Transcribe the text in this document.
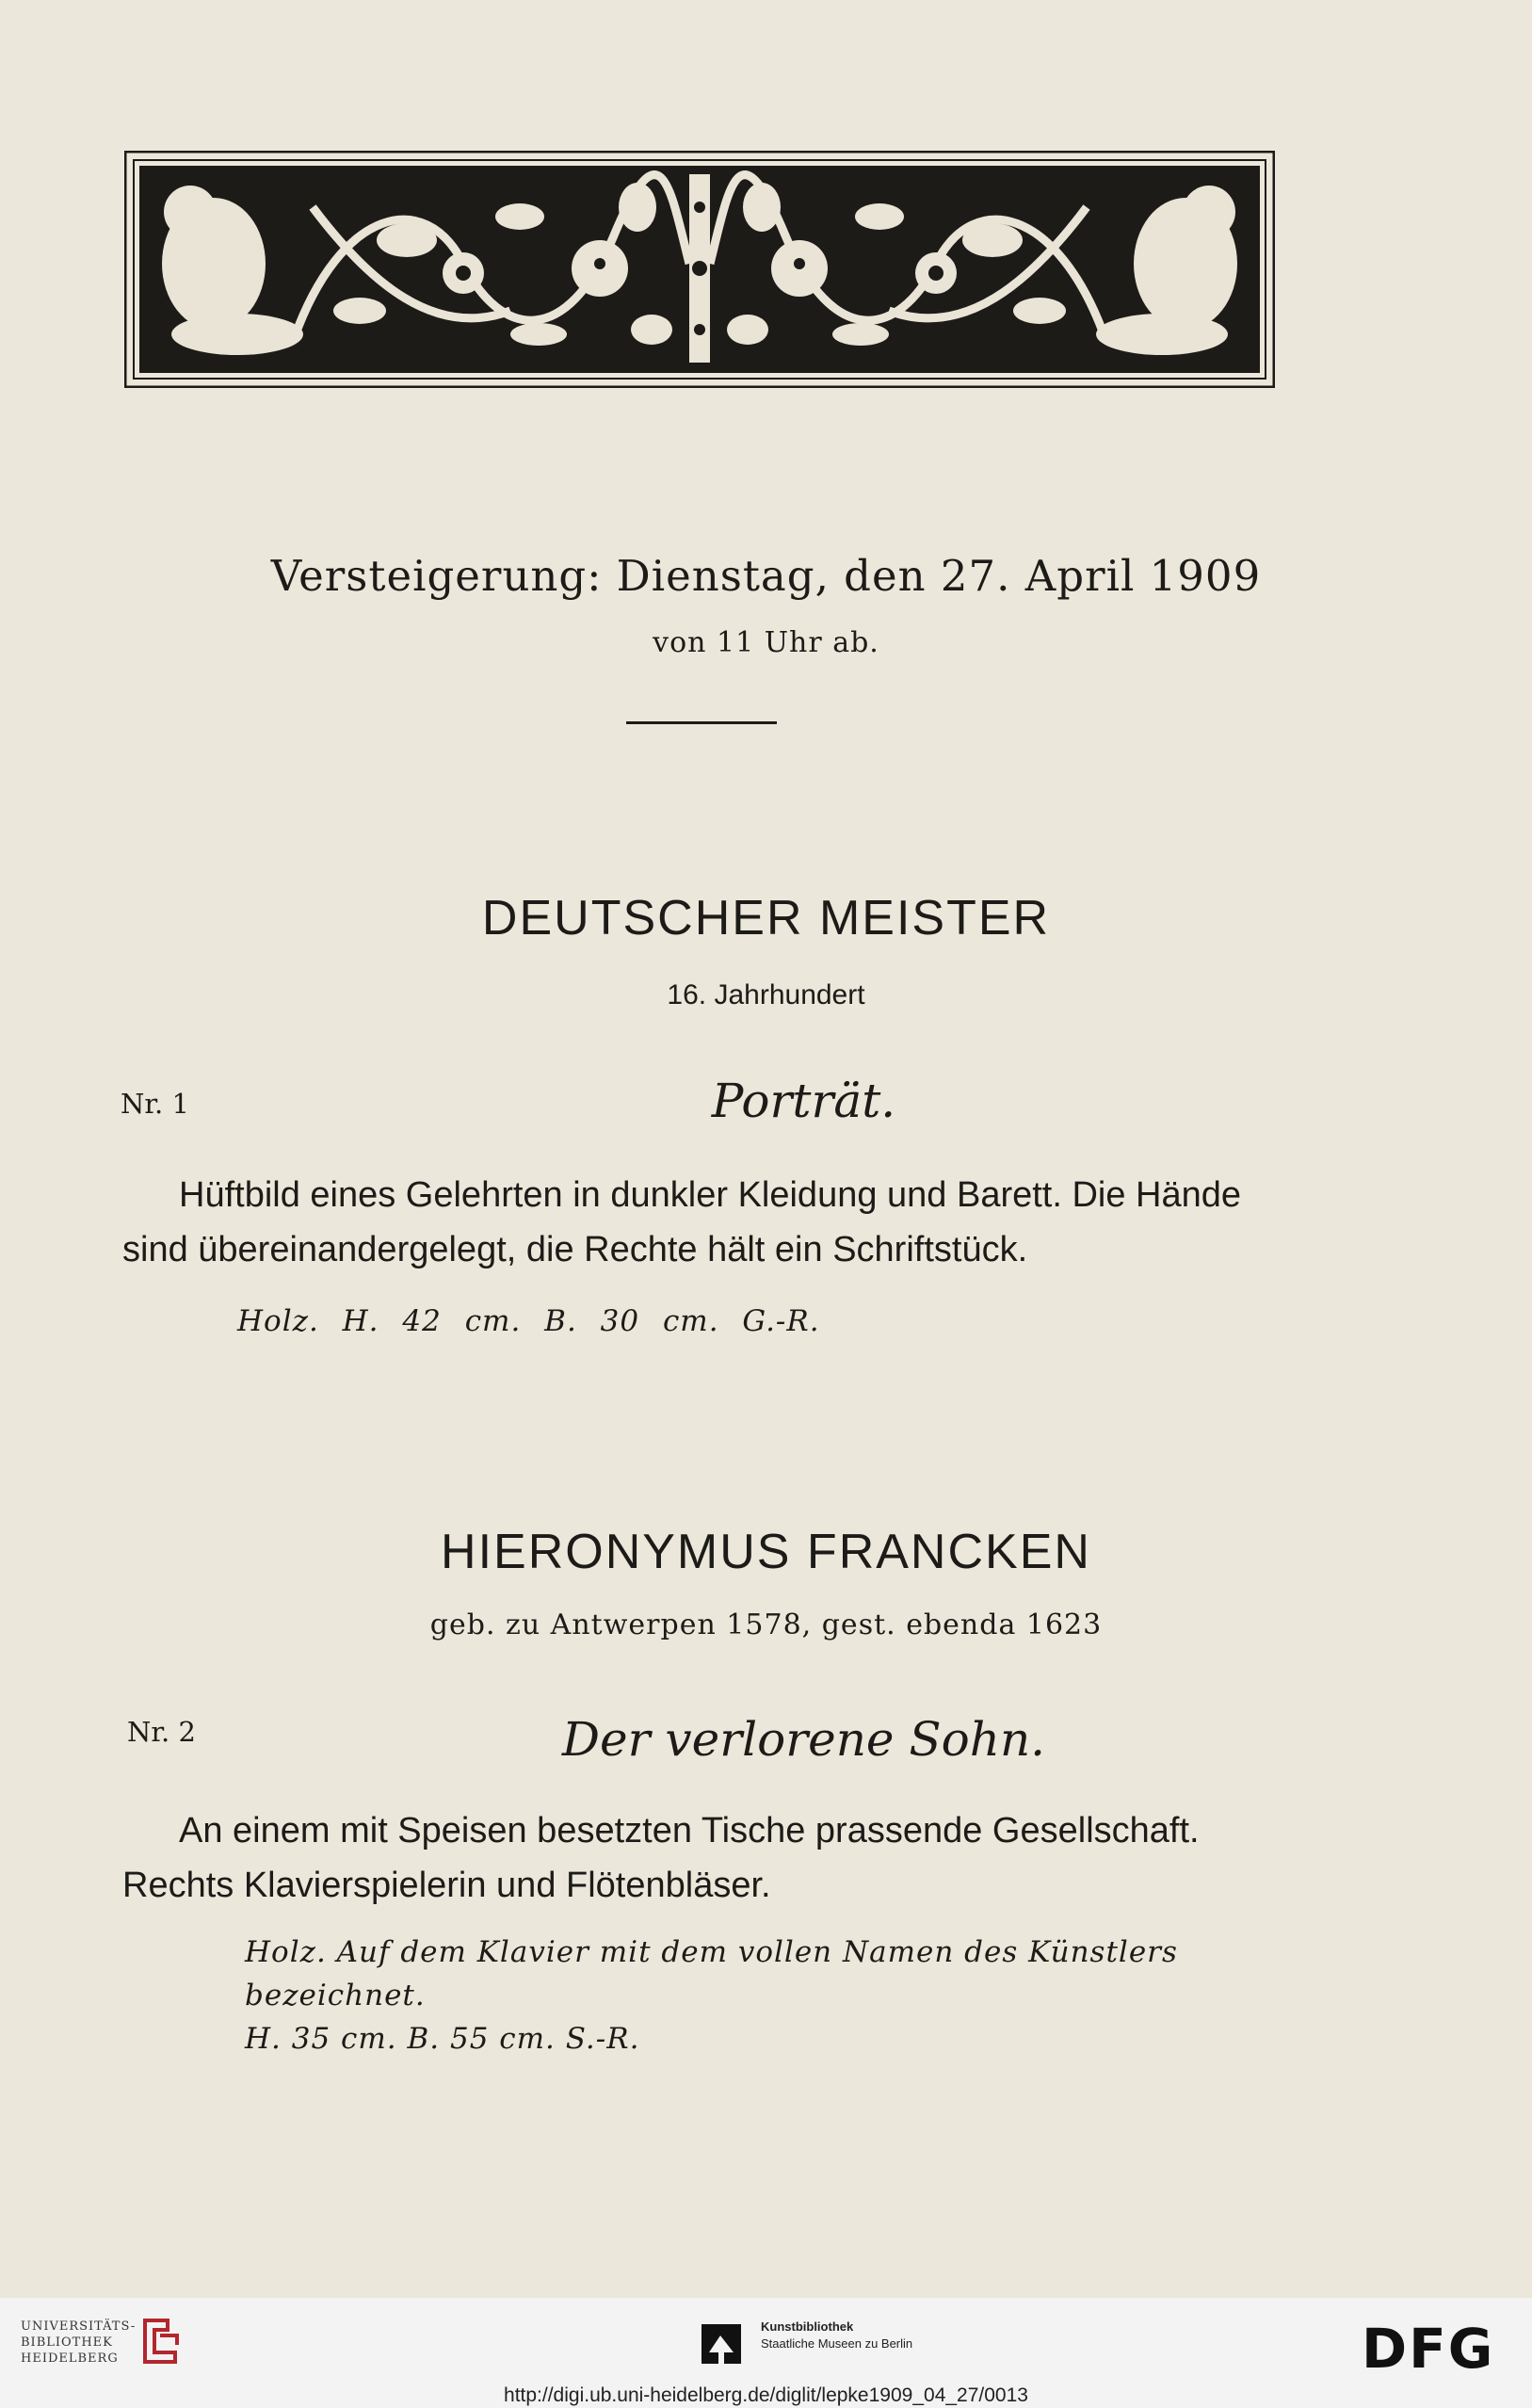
Versteigerung: Dienstag, den 27. April 1909
von 11 Uhr ab.
DEUTSCHER MEISTER
16. Jahrhundert
Nr. 1	Porträt.
Hüftbild eines Gelehrten in dunkler Kleidung und Barett. Die Hände sind übereinandergelegt, die Rechte hält ein Schriftstück.
Holz. H. 42 cm. B. 30 cm. G.-R.
HIERONYMUS FRANCKEN
geb. zu Antwerpen 1578, gest. ebenda 1623
Nr. 2	Der verlorene Sohn.
An einem mit Speisen besetzten Tische prassende Gesellschaft. Rechts Klavierspielerin und Flötenbläser.
Holz. Auf dem Klavier mit dem vollen Namen des Künstlers bezeichnet.
H. 35 cm. B. 55 cm. S.-R.
UNIVERSITÄTS-
BIBLIOTHEK
HEIDELBERG
Kunstbibliothek
Staatliche Museen zu Berlin	DFG
http://digi.ub.uni-heidelberg.de/diglit/lepke1909_04_27/0013
